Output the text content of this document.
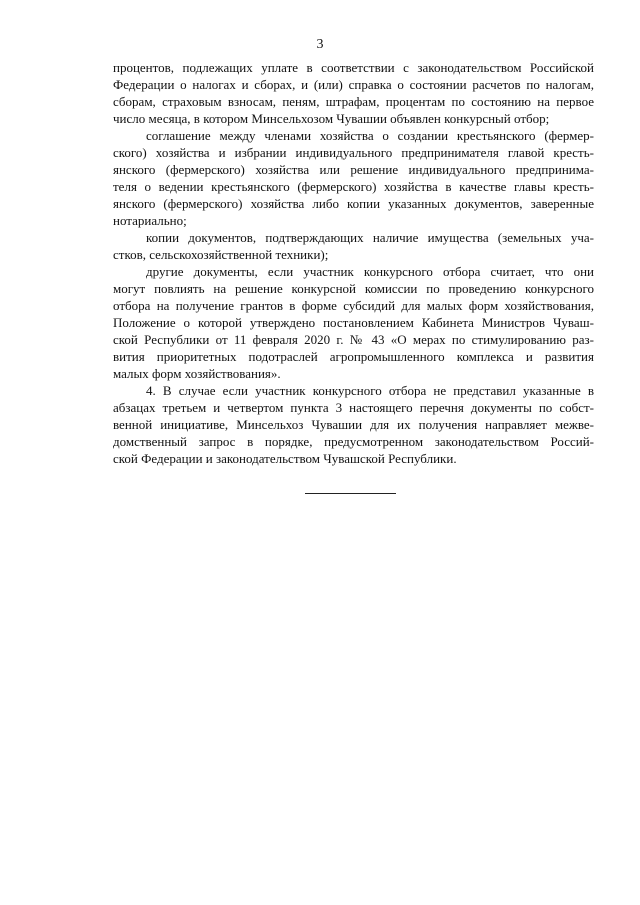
3
процентов, подлежащих уплате в соответствии с законодательством Российской
Федерации о налогах и сборах, и (или) справка о состоянии расчетов по налогам,
сборам, страховым взносам, пеням, штрафам, процентам по состоянию на первое
число месяца, в котором Минсельхозом Чувашии объявлен конкурсный отбор;
соглашение между членами хозяйства о создании крестьянского (фермер-
ского) хозяйства и избрании индивидуального предпринимателя главой кресть-
янского (фермерского) хозяйства или решение индивидуального предпринима-
теля о ведении крестьянского (фермерского) хозяйства в качестве главы кресть-
янского (фермерского) хозяйства либо копии указанных документов, заверенные
нотариально;
копии документов, подтверждающих наличие имущества (земельных уча-
стков, сельскохозяйственной техники);
другие документы, если участник конкурсного отбора считает, что они
могут повлиять на решение конкурсной комиссии по проведению конкурсного
отбора на получение грантов в форме субсидий для малых форм хозяйствования,
Положение о которой утверждено постановлением Кабинета Министров Чуваш-
ской Республики от 11 февраля 2020 г. № 43 «О мерах по стимулированию раз-
вития приоритетных подотраслей агропромышленного комплекса и развития
малых форм хозяйствования».
4. В случае если участник конкурсного отбора не представил указанные в
абзацах третьем и четвертом пункта 3 настоящего перечня документы по собст-
венной инициативе, Минсельхоз Чувашии для их получения направляет межве-
домственный запрос в порядке, предусмотренном законодательством Россий-
ской Федерации и законодательством Чувашской Республики.
